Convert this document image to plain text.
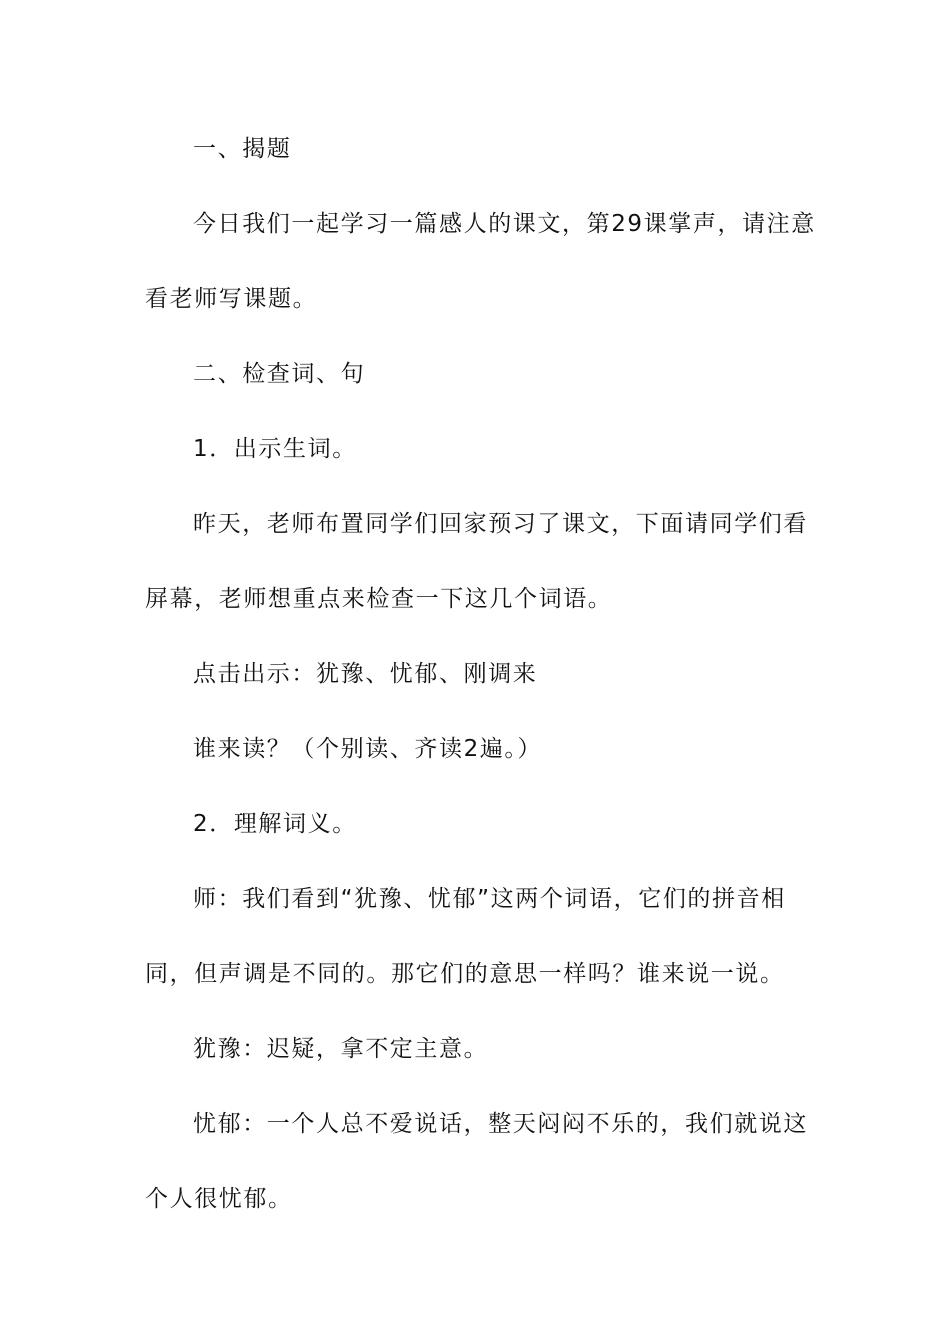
一、揭题
今日我们一起学习一篇感人的课文，第29课掌声，请注意
看老师写课题。
二、检查词、句
1．出示生词。
昨天，老师布置同学们回家预习了课文，下面请同学们看
屏幕，老师想重点来检查一下这几个词语。
点击出示：犹豫、忧郁、刚调来
谁来读？（个别读、齐读2遍。）
2．理解词义。
师：我们看到“犹豫、忧郁”这两个词语，它们的拼音相
同，但声调是不同的。那它们的意思一样吗？谁来说一说。
犹豫：迟疑，拿不定主意。
忧郁：一个人总不爱说话，整天闷闷不乐的，我们就说这
个人很忧郁。
